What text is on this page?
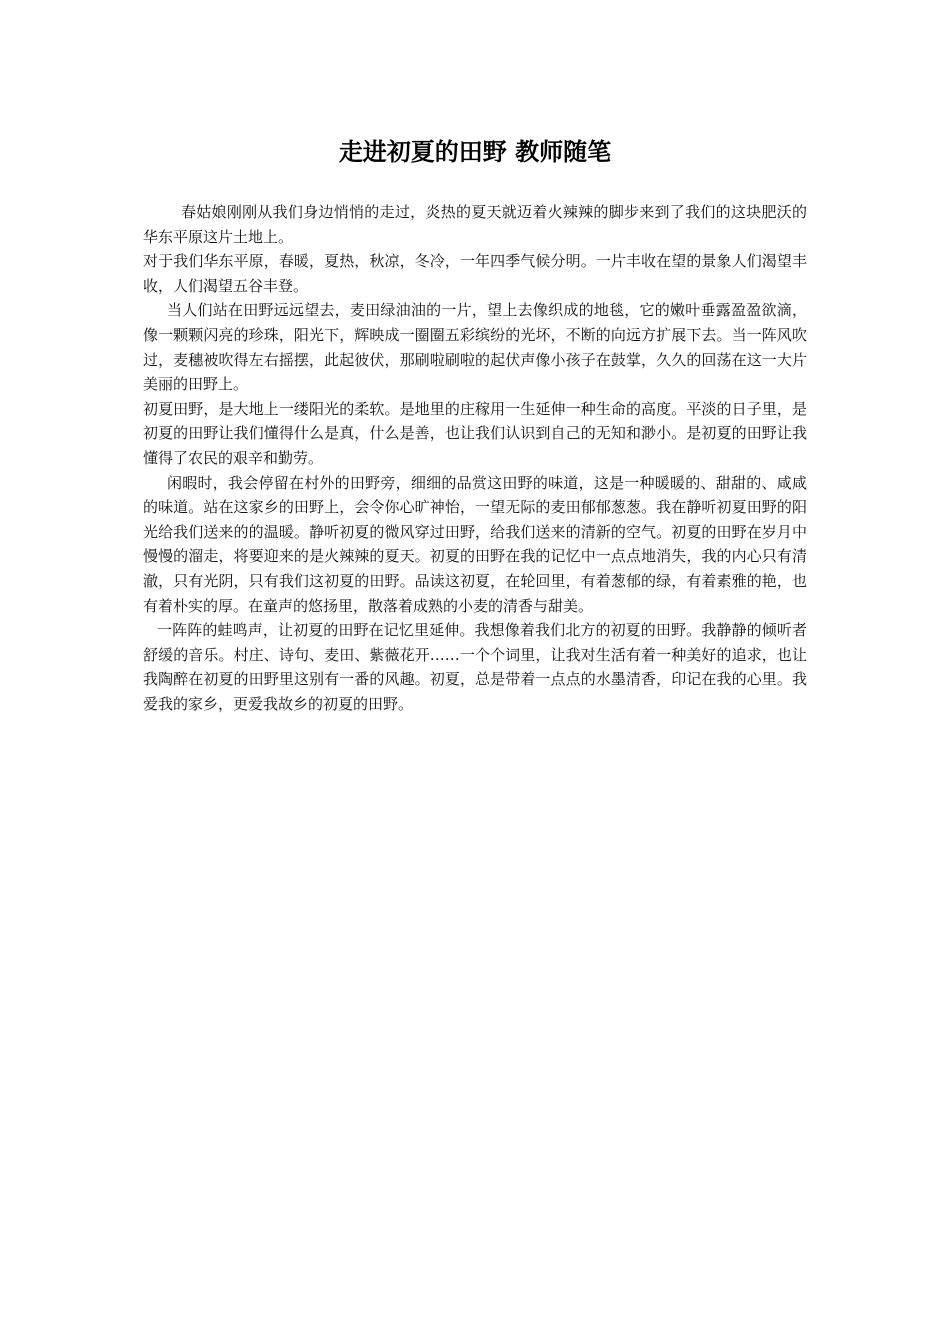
走进初夏的田野 教师随笔

春姑娘刚刚从我们身边悄悄的走过，炎热的夏天就迈着火辣辣的脚步来到了我们的这块肥沃的华东平原这片土地上。

对于我们华东平原，春暖，夏热，秋凉，冬冷，一年四季气候分明。一片丰收在望的景象人们渴望丰收，人们渴望五谷丰登。

当人们站在田野远远望去，麦田绿油油的一片，望上去像织成的地毯，它的嫩叶垂露盈盈欲滴，像一颗颗闪亮的珍珠，阳光下，辉映成一圈圈五彩缤纷的光坏，不断的向远方扩展下去。当一阵风吹过，麦穗被吹得左右摇摆，此起彼伏，那刷啦刷啦的起伏声像小孩子在鼓掌，久久的回荡在这一大片美丽的田野上。

初夏田野，是大地上一缕阳光的柔软。是地里的庄稼用一生延伸一种生命的高度。平淡的日子里，是初夏的田野让我们懂得什么是真，什么是善，也让我们认识到自己的无知和渺小。是初夏的田野让我懂得了农民的艰辛和勤劳。

闲暇时，我会停留在村外的田野旁，细细的品赏这田野的味道，这是一种暖暖的、甜甜的、咸咸的味道。站在这家乡的田野上，会令你心旷神怡，一望无际的麦田郁郁葱葱。我在静听初夏田野的阳光给我们送来的的温暖。静听初夏的微风穿过田野，给我们送来的清新的空气。初夏的田野在岁月中慢慢的溜走，将要迎来的是火辣辣的夏天。初夏的田野在我的记忆中一点点地消失，我的内心只有清澈，只有光阴，只有我们这初夏的田野。品读这初夏，在轮回里，有着葱郁的绿，有着素雅的艳，也有着朴实的厚。在童声的悠扬里，散落着成熟的小麦的清香与甜美。

一阵阵的蛙鸣声，让初夏的田野在记忆里延伸。我想像着我们北方的初夏的田野。我静静的倾听者舒缓的音乐。村庄、诗句、麦田、紫薇花开……一个个词里，让我对生活有着一种美好的追求，也让我陶醉在初夏的田野里这别有一番的风趣。初夏，总是带着一点点的水墨清香，印记在我的心里。我爱我的家乡，更爱我故乡的初夏的田野。
